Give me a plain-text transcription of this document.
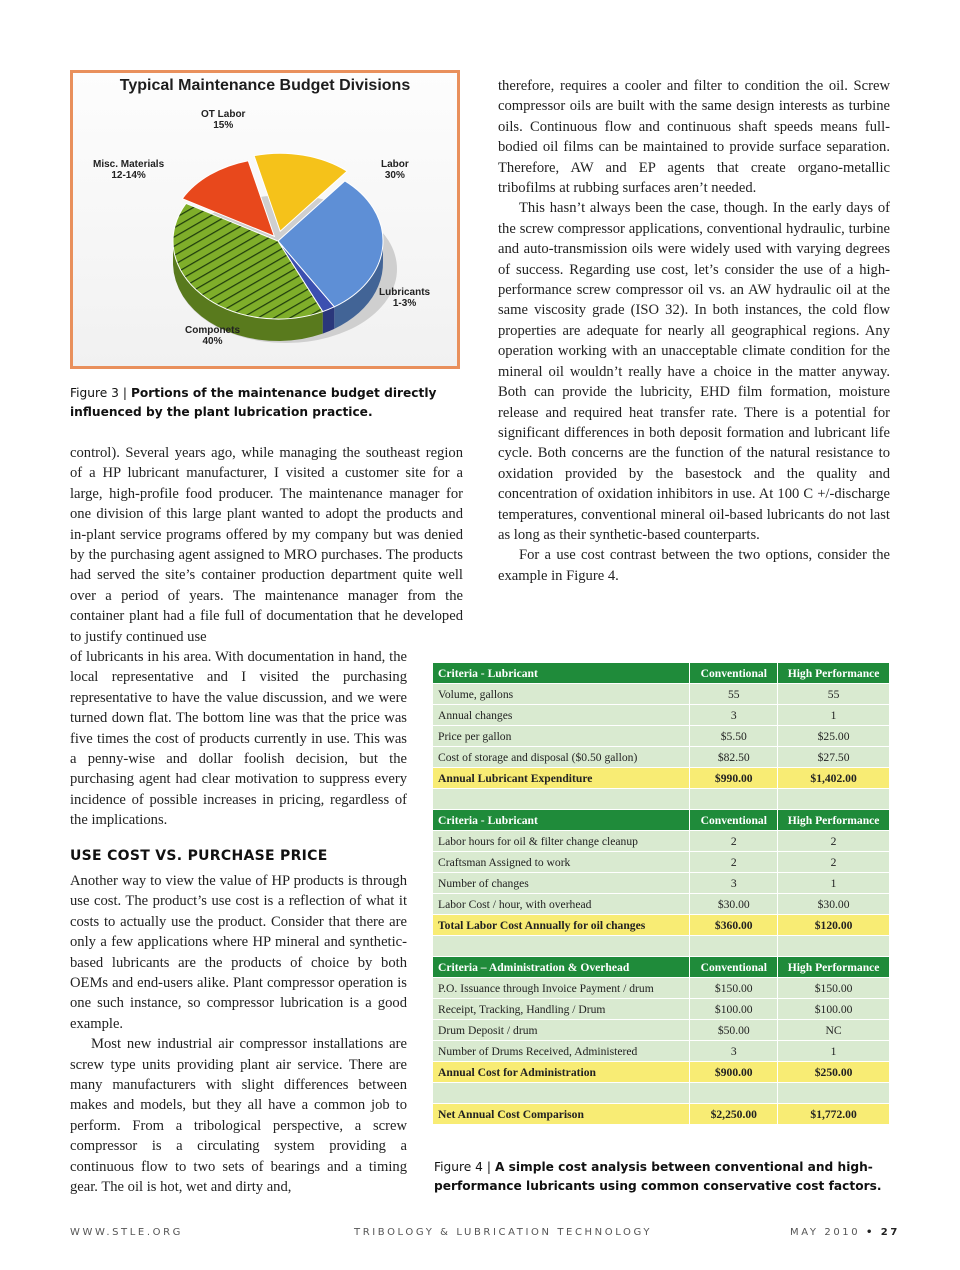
Typical Maintenance Budget Divisions
OT Labor
15%
Labor
30%
Lubricants
1-3%
Componets
40%
Misc. Materials
12-14%
Figure 3 | Portions of the maintenance budget directly influenced by the plant lubrication practice.

control). Several years ago, while managing the southeast region of a HP lubricant manufacturer, I visited a customer site for a large, high-profile food producer. The maintenance manager for one division of this large plant wanted to adopt the products and in-plant service programs offered by my company but was denied by the purchasing agent assigned to MRO purchases. The products had served the site’s container production department quite well over a period of years. The maintenance manager from the container plant had a file full of documentation that he developed to justify continued use

of lubricants in his area. With documentation in hand, the local representative and I visited the purchasing representative to have the value discussion, and we were turned down flat. The bottom line was that the price was five times the cost of products currently in use. This was a penny-wise and dollar foolish decision, but the purchasing agent had clear motivation to suppress every incidence of possible increases in pricing, regardless of the implications.

USE COST VS. PURCHASE PRICE

Another way to view the value of HP products is through use cost. The product’s use cost is a reflection of what it costs to actually use the product. Consider that there are only a few applications where HP mineral and synthetic-based lubricants are the products of choice by both OEMs and end-users alike. Plant compressor operation is one such instance, so compressor lubrication is a good example.

Most new industrial air compressor installations are screw type units providing plant air service. There are many manufacturers with slight differences between makes and models, but they all have a common job to perform. From a tribological perspective, a screw compressor is a circulating system providing a continuous flow to two sets of bearings and a timing gear. The oil is hot, wet and dirty and,

therefore, requires a cooler and filter to condition the oil. Screw compressor oils are built with the same design interests as turbine oils. Continuous flow and continuous shaft speeds means full-bodied oil films can be maintained to provide surface separation. Therefore, AW and EP agents that create organo-metallic tribofilms at rubbing surfaces aren’t needed.

This hasn’t always been the case, though. In the early days of the screw compressor applications, conventional hydraulic, turbine and auto-transmission oils were widely used with varying degrees of success. Regarding use cost, let’s consider the use of a high-performance screw compressor oil vs. an AW hydraulic oil at the same viscosity grade (ISO 32). In both instances, the cold flow properties are adequate for nearly all geographical regions. Any operation working with an unacceptable climate condition for the mineral oil wouldn’t really have a choice in the matter anyway. Both can provide the lubricity, EHD film formation, moisture release and required heat transfer rate. There is a potential for significant differences in both deposit formation and lubricant life cycle. Both concerns are the function of the natural resistance to oxidation provided by the basestock and the quality and concentration of oxidation inhibitors in use. At 100 C +/-discharge temperatures, conventional mineral oil-based lubricants do not last as long as their synthetic-based counterparts.

For a use cost contrast between the two options, consider the example in Figure 4.

Criteria - Lubricant	Conventional	High Performance
Volume, gallons	55	55
Annual changes	3	1
Price per gallon	$5.50	$25.00
Cost of storage and disposal ($0.50 gallon)	$82.50	$27.50
Annual Lubricant Expenditure	$990.00	$1,402.00

Criteria - Lubricant	Conventional	High Performance
Labor hours for oil & filter change cleanup	2	2
Craftsman Assigned to work	2	2
Number of changes	3	1
Labor Cost / hour, with overhead	$30.00	$30.00
Total Labor Cost Annually for oil changes	$360.00	$120.00

Criteria – Administration & Overhead	Conventional	High Performance
P.O. Issuance through Invoice Payment / drum	$150.00	$150.00
Receipt, Tracking, Handling / Drum	$100.00	$100.00
Drum Deposit / drum	$50.00	NC
Number of Drums Received, Administered	3	1
Annual Cost for Administration	$900.00	$250.00

Net Annual Cost Comparison	$2,250.00	$1,772.00
Figure 4 | A simple cost analysis between conventional and high-performance lubricants using common conservative cost factors.
WWW.STLE.ORG	TRIBOLOGY & LUBRICATION TECHNOLOGY	MAY 2010 • 27
